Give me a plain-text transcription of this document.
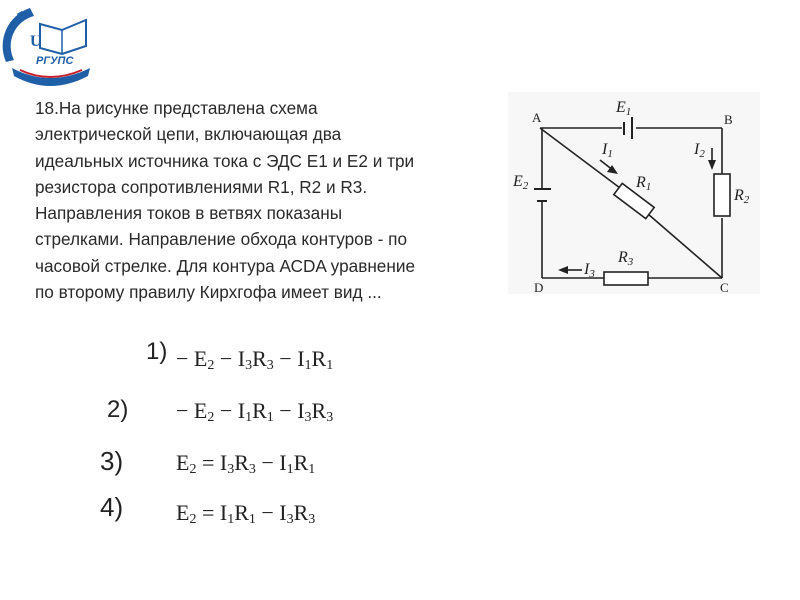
U
РГУПС

18.На рисунке представлена схема
электрической цепи, включающая два
идеальных источника тока с ЭДС Е1 и Е2 и три
резистора сопротивлениями R1, R2 и R3.
Направления токов в ветвях показаны
стрелками. Направление обхода контуров - по
часовой стрелке. Для контура АСDA уравнение
по второму правилу Кирхгофа имеет вид ...

A	B
C
D
E1
E2	R1	R2
R3
I1	I2
I3
$1) - E_2 - I_3R_3 - I_1R_1$
$2) - E_2 - I_1R_1 - I_3R_3$
3) $E_2 = I_3R_3 - I_1R_1$
4) $E_2 = I_1R_1 - I_3R_3$
